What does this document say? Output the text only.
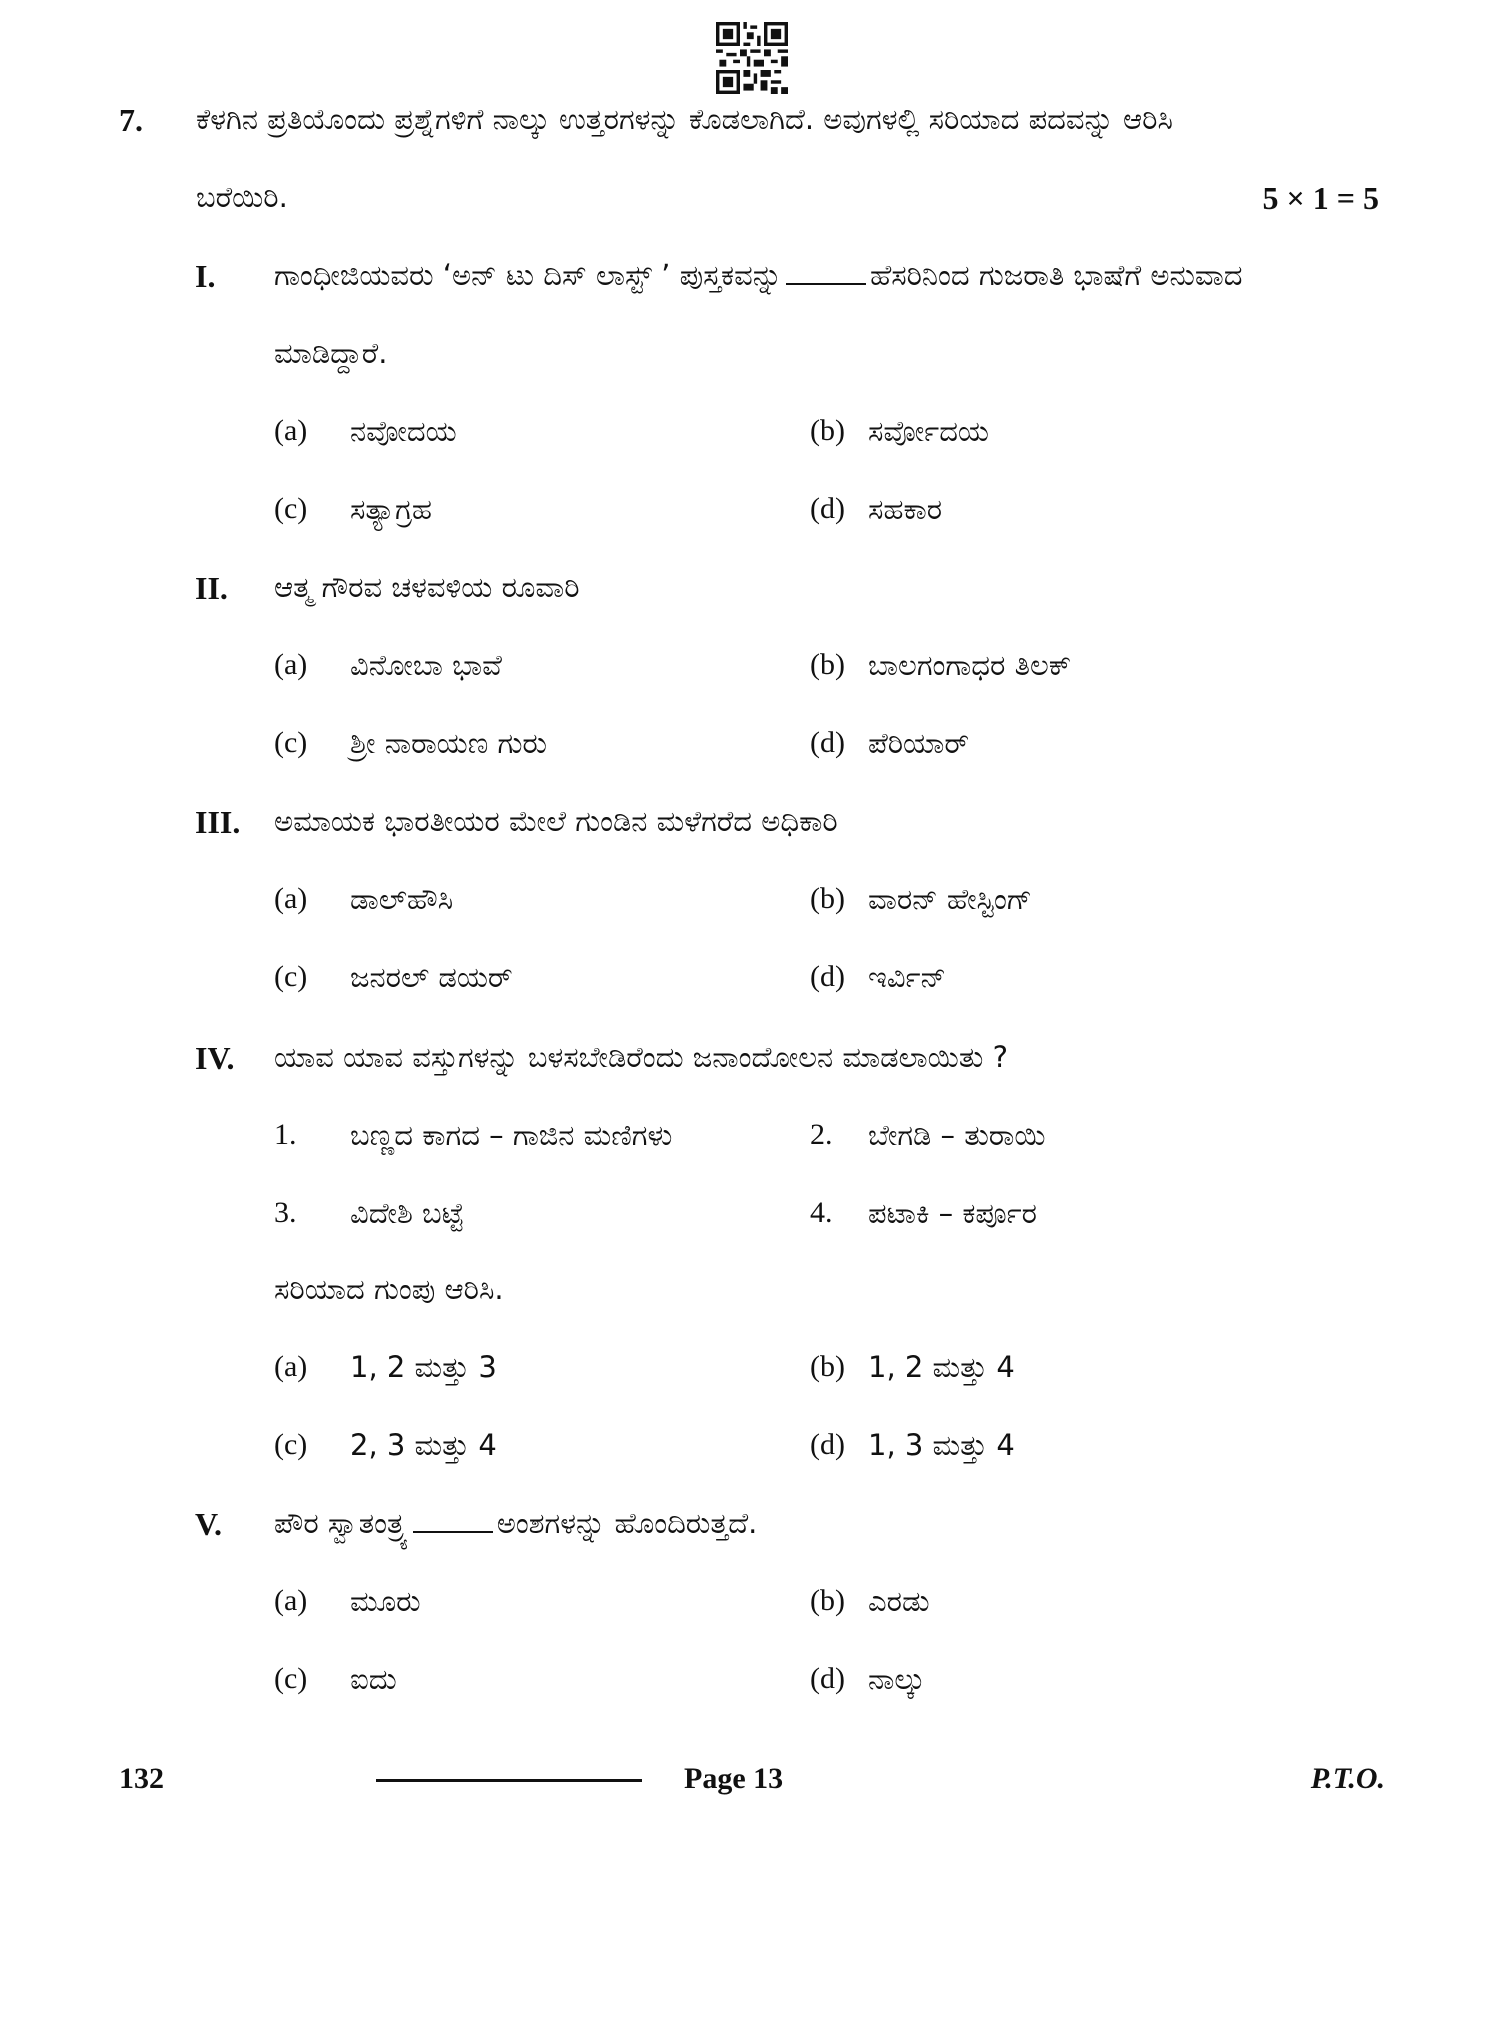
7. ಕೆಳಗಿನ ಪ್ರತಿಯೊಂದು ಪ್ರಶ್ನೆಗಳಿಗೆ ನಾಲ್ಕು ಉತ್ತರಗಳನ್ನು ಕೊಡಲಾಗಿದೆ. ಅವುಗಳಲ್ಲಿ ಸರಿಯಾದ ಪದವನ್ನು ಆರಿಸಿ
ಬರೆಯಿರಿ.	5 × 1 = 5
I. ಗಾಂಧೀಜಿಯವರು ‘ಅನ್ ಟು ದಿಸ್ ಲಾಸ್ಟ್ ’ ಪುಸ್ತಕವನ್ನು	ಹೆಸರಿನಿಂದ ಗುಜರಾತಿ ಭಾಷೆಗೆ ಅನುವಾದ
ಮಾಡಿದ್ದಾರೆ.
(a) ನವೋದಯ	(b) ಸರ್ವೋದಯ
(c) ಸತ್ಯಾಗ್ರಹ	(d) ಸಹಕಾರ
II. ಆತ್ಮ ಗೌರವ ಚಳವಳಿಯ ರೂವಾರಿ
(a) ವಿನೋಬಾ ಭಾವೆ	(b) ಬಾಲಗಂಗಾಧರ ತಿಲಕ್
(c) ಶ್ರೀ ನಾರಾಯಣ ಗುರು	(d) ಪೆರಿಯಾರ್
III. ಅಮಾಯಕ ಭಾರತೀಯರ ಮೇಲೆ ಗುಂಡಿನ ಮಳೆಗರೆದ ಅಧಿಕಾರಿ
(a) ಡಾಲ್‌ಹೌಸಿ	(b) ವಾರನ್ ಹೇಸ್ಟಿಂಗ್
(c) ಜನರಲ್ ಡಯರ್	(d) ಇರ್ವಿನ್
IV. ಯಾವ ಯಾವ ವಸ್ತುಗಳನ್ನು ಬಳಸಬೇಡಿರೆಂದು ಜನಾಂದೋಲನ ಮಾಡಲಾಯಿತು ?
1. ಬಣ್ಣದ ಕಾಗದ – ಗಾಜಿನ ಮಣಿಗಳು	2. ಬೇಗಡಿ – ತುರಾಯಿ
3. ವಿದೇಶಿ ಬಟ್ಟೆ	4. ಪಟಾಕಿ – ಕರ್ಪೂರ
ಸರಿಯಾದ ಗುಂಪು ಆರಿಸಿ.
(a) 1, 2 ಮತ್ತು 3	(b) 1, 2 ಮತ್ತು 4
(c) 2, 3 ಮತ್ತು 4	(d) 1, 3 ಮತ್ತು 4
V. ಪೌರ ಸ್ವಾತಂತ್ರ್ಯ	ಅಂಶಗಳನ್ನು ಹೊಂದಿರುತ್ತದೆ.
(a) ಮೂರು	(b) ಎರಡು
(c) ಐದು	(d) ನಾಲ್ಕು
132	Page 13	P.T.O.
